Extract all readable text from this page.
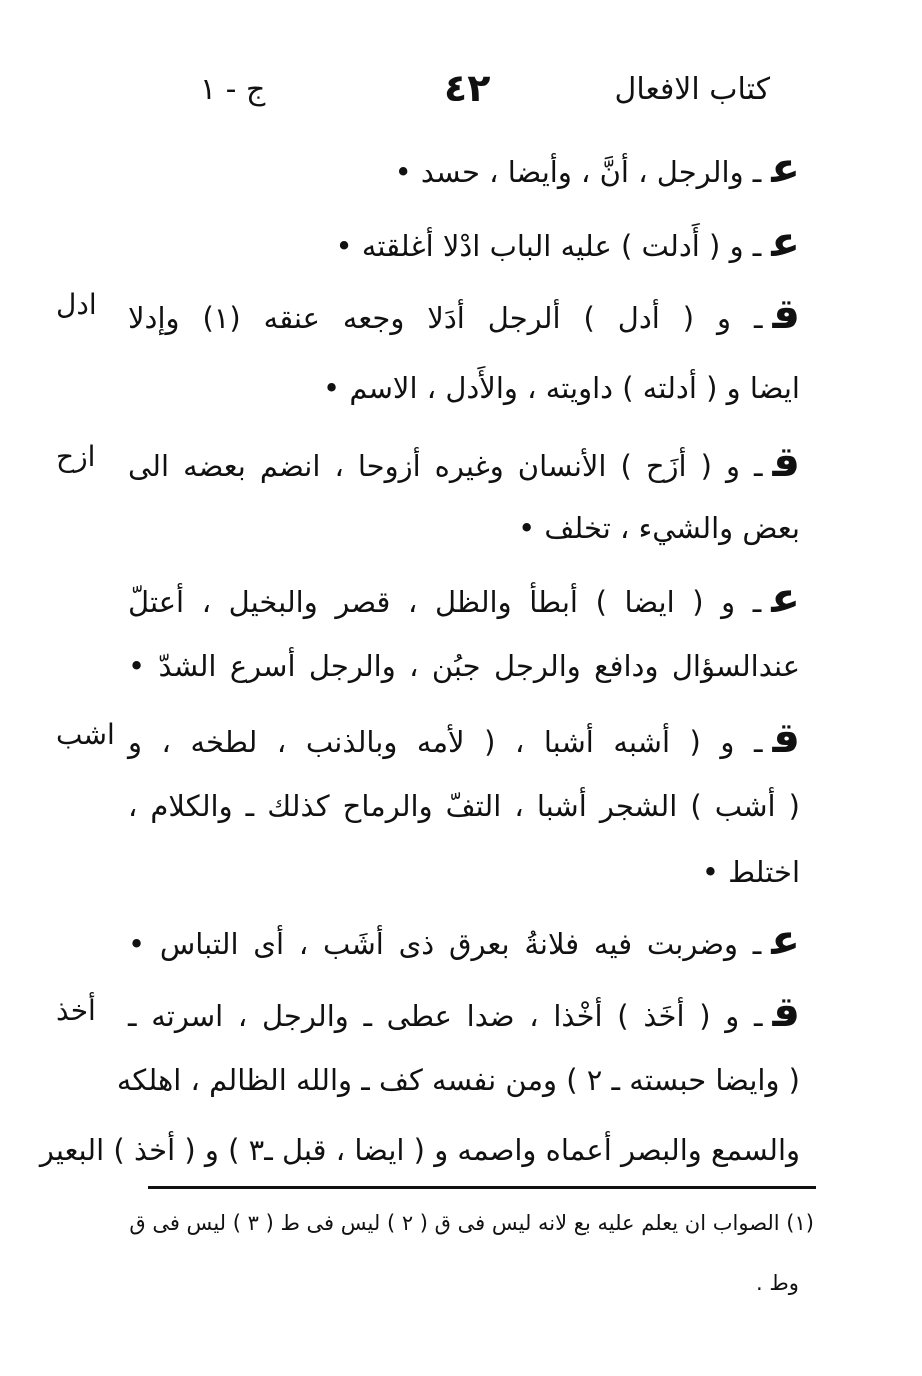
كتاب الافعال
٤٢
ج - ١
ادل
ازح
اشب
أخذ
عـ والرجل ، أنَّ ، وأيضا ، حسد •
عـ و ( أَدلت ) عليه الباب ادْلا أغلقته •
قـ و ( أدل ) ألرجل أدَلا وجعه عنقه (١) وإدلا
ايضا و ( أدلته ) داويته ، والأَدل ، الاسم •
قـ و ( أزَح ) الأنسان وغيره أزوحا ، انضم بعضه الى
بعض والشيء ، تخلف •
عـ و ( ايضا ) أبطأ والظل ، قصر والبخيل ، أعتلّ
عندالسؤال ودافع والرجل جبُن ، والرجل أسرع الشدّ •
قـ و ( أشبه أشبا ، ( لأمه وبالذنب ، لطخه ، و
( أشب ) الشجر أشبا ، التفّ والرماح كذلك ـ والكلام ،
اختلط •
عـ وضربت فيه فلانةُ بعرق ذى أشَب ، أى التباس •
قـ و ( أخَذ ) أخْذا ، ضدا عطى ـ والرجل ، اسرته ـ
( وايضا حبسته ـ ٢ ) ومن نفسه كف ـ والله الظالم ، اهلكه
والسمع والبصر أعماه واصمه و ( ايضا ، قبل ـ٣ ) و ( أخذ ) البعير
(١) الصواب ان يعلم عليه بع لانه ليس فى ق ( ٢ ) ليس فى ط ( ٣ ) ليس فى ق
وط .
